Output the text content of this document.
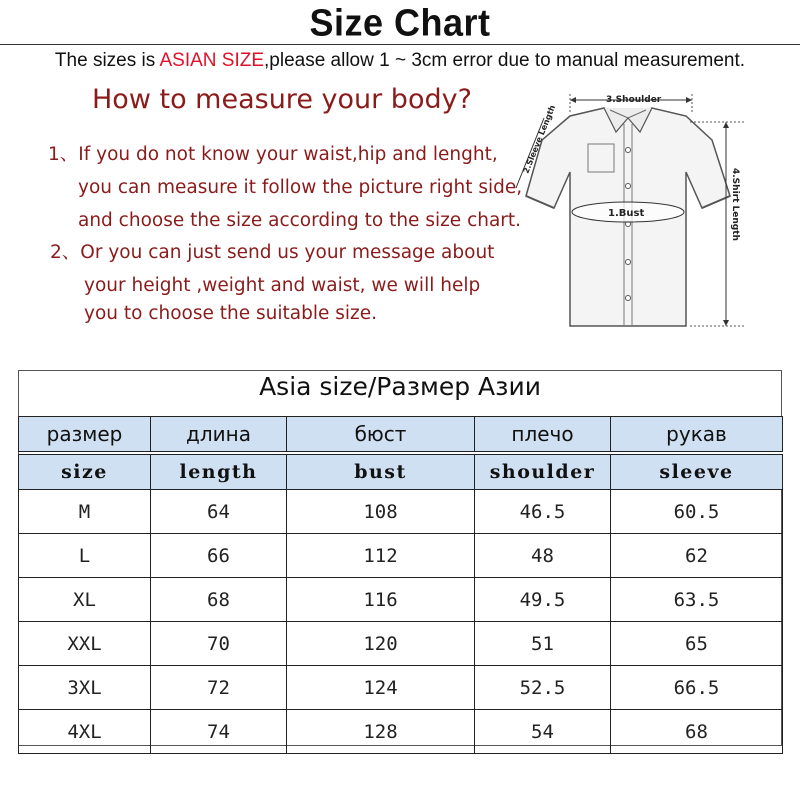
Size Chart
The sizes is ASIAN SIZE,please allow 1 ~ 3cm error due to manual measurement.
How to measure your body?
1、If you do not know your waist,hip and lenght,
you can measure it follow the picture right side,
and choose the size according to the size chart.
2、Or you can just send us your message about
your height ,weight and waist, we will help
you to choose the suitable size.
3.Shoulder
2.Sleeve Length
1.Bust	4.Shirt Length
Asia size/Размер Азии
размер	длина	бюст	плечо	рукав

size	length	bust	shoulder	sleeve
M	64	108	46.5	60.5
L	66	112	48	62
XL	68	116	49.5	63.5
XXL	70	120	51	65
3XL	72	124	52.5	66.5
4XL	74	128	54	68
